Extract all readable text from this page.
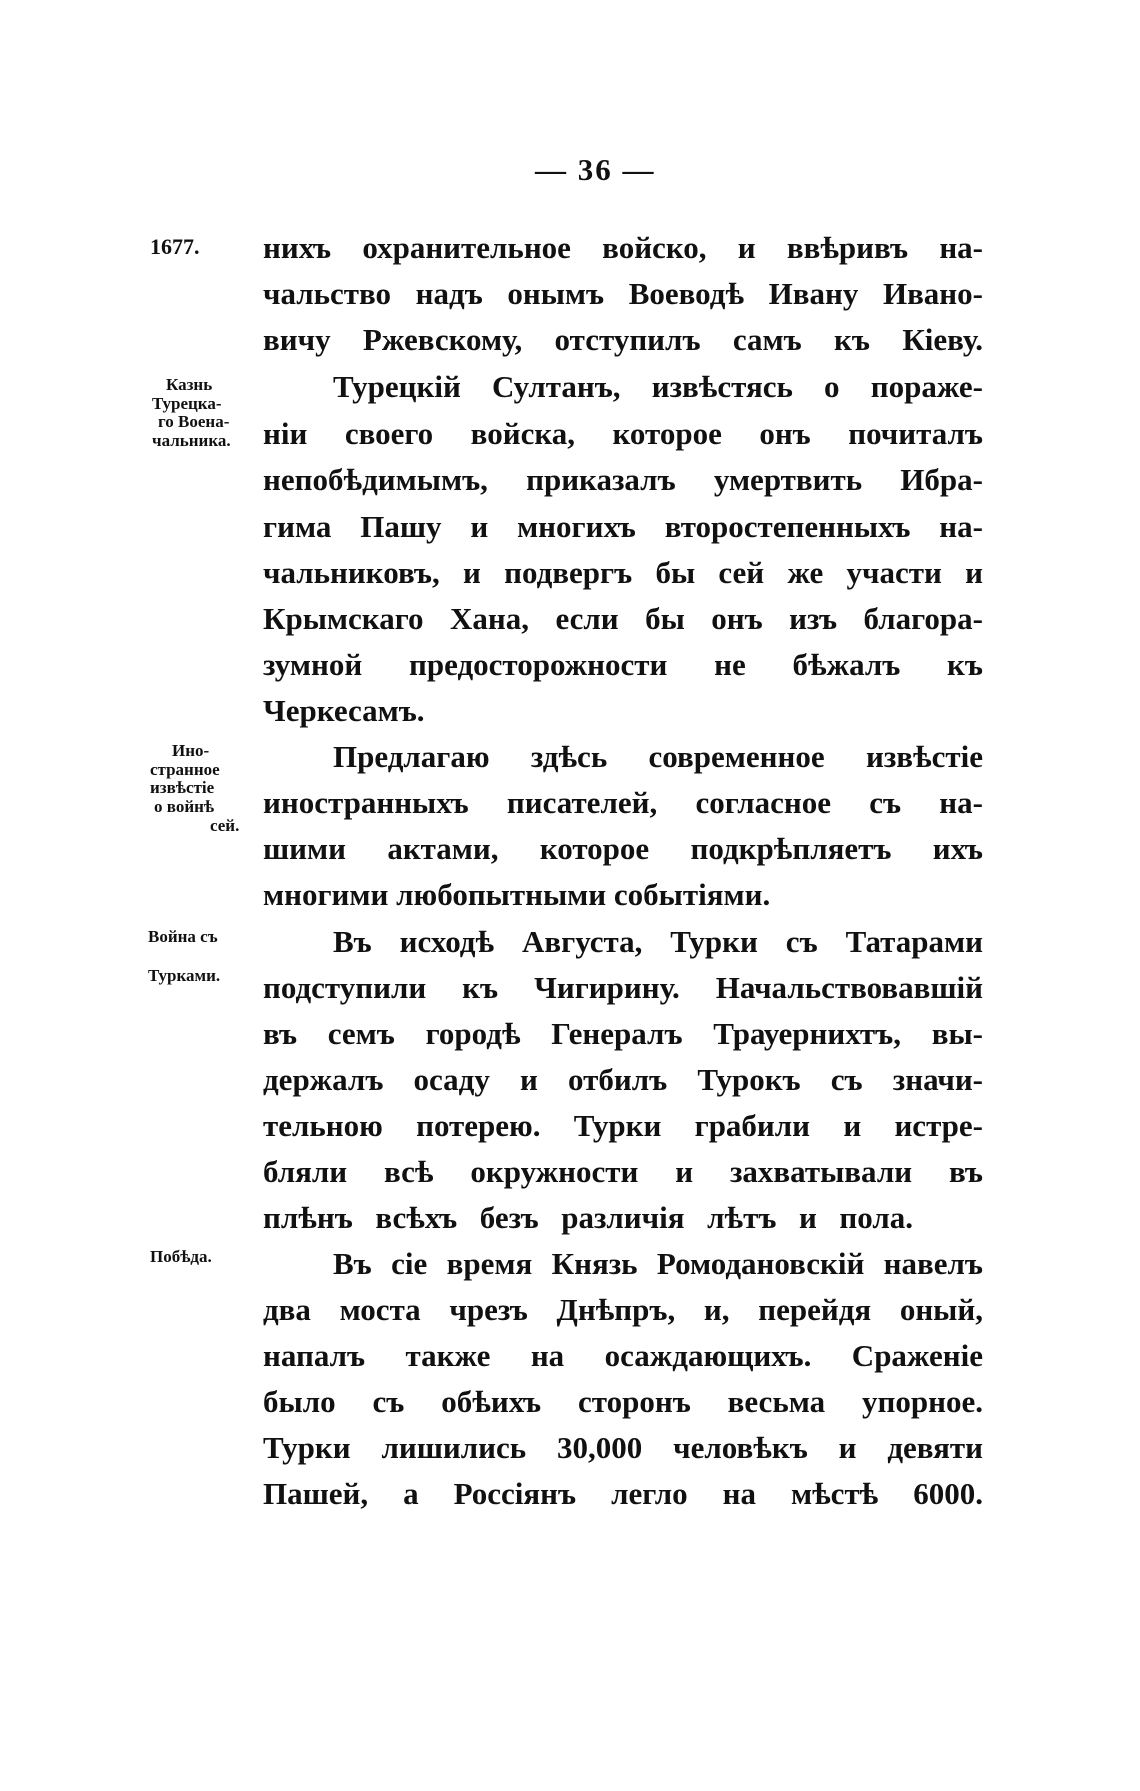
— 36 —
1677.
Казнь
Турецка-
го Военa-
чальника.
Ино-
странное
извѣстіе
о войнѣ
сей.
Война съ
Турками.
Побѣда.
нихъ охранительное войско, и ввѣривъ на-
чальство надъ онымъ Воеводѣ Ивану Ивано-
вичу Ржевскому, отступилъ самъ къ Кіеву.
Турецкій Султанъ, извѣстясь о пораже-
ніи своего войска, которое онъ почиталъ
непобѣдимымъ, приказалъ умертвить Ибра-
гима Пашу и многихъ второстепенныхъ на-
чальниковъ, и подвергъ бы сей же участи и
Крымскаго Хана, если бы онъ изъ благора-
зумной предосторожности не бѣжалъ къ
Черкесамъ.
Предлагаю здѣсь современное извѣстіе
иностранныхъ писателей, согласное съ на-
шими актами, которое подкрѣпляетъ ихъ
многими любопытными событіями.
Въ исходѣ Августа, Турки съ Татарами
подступили къ Чигирину. Начальствовавшій
въ семъ городѣ Генералъ Трауернихтъ, вы-
держалъ осаду и отбилъ Турокъ съ значи-
тельною потерею. Турки грабили и истре-
бляли всѣ окружности и захватывали въ
плѣнъ всѣхъ безъ различія лѣтъ и пола.
Въ сіе время Князь Ромодановскій навелъ
два моста чрезъ Днѣпръ, и, перейдя оный,
напалъ также на осаждающихъ. Сраженіе
было съ обѣихъ сторонъ весьма упорное.
Турки лишились 30,000 человѣкъ и девяти
Пашей, а Россіянъ легло на мѣстѣ 6000.
